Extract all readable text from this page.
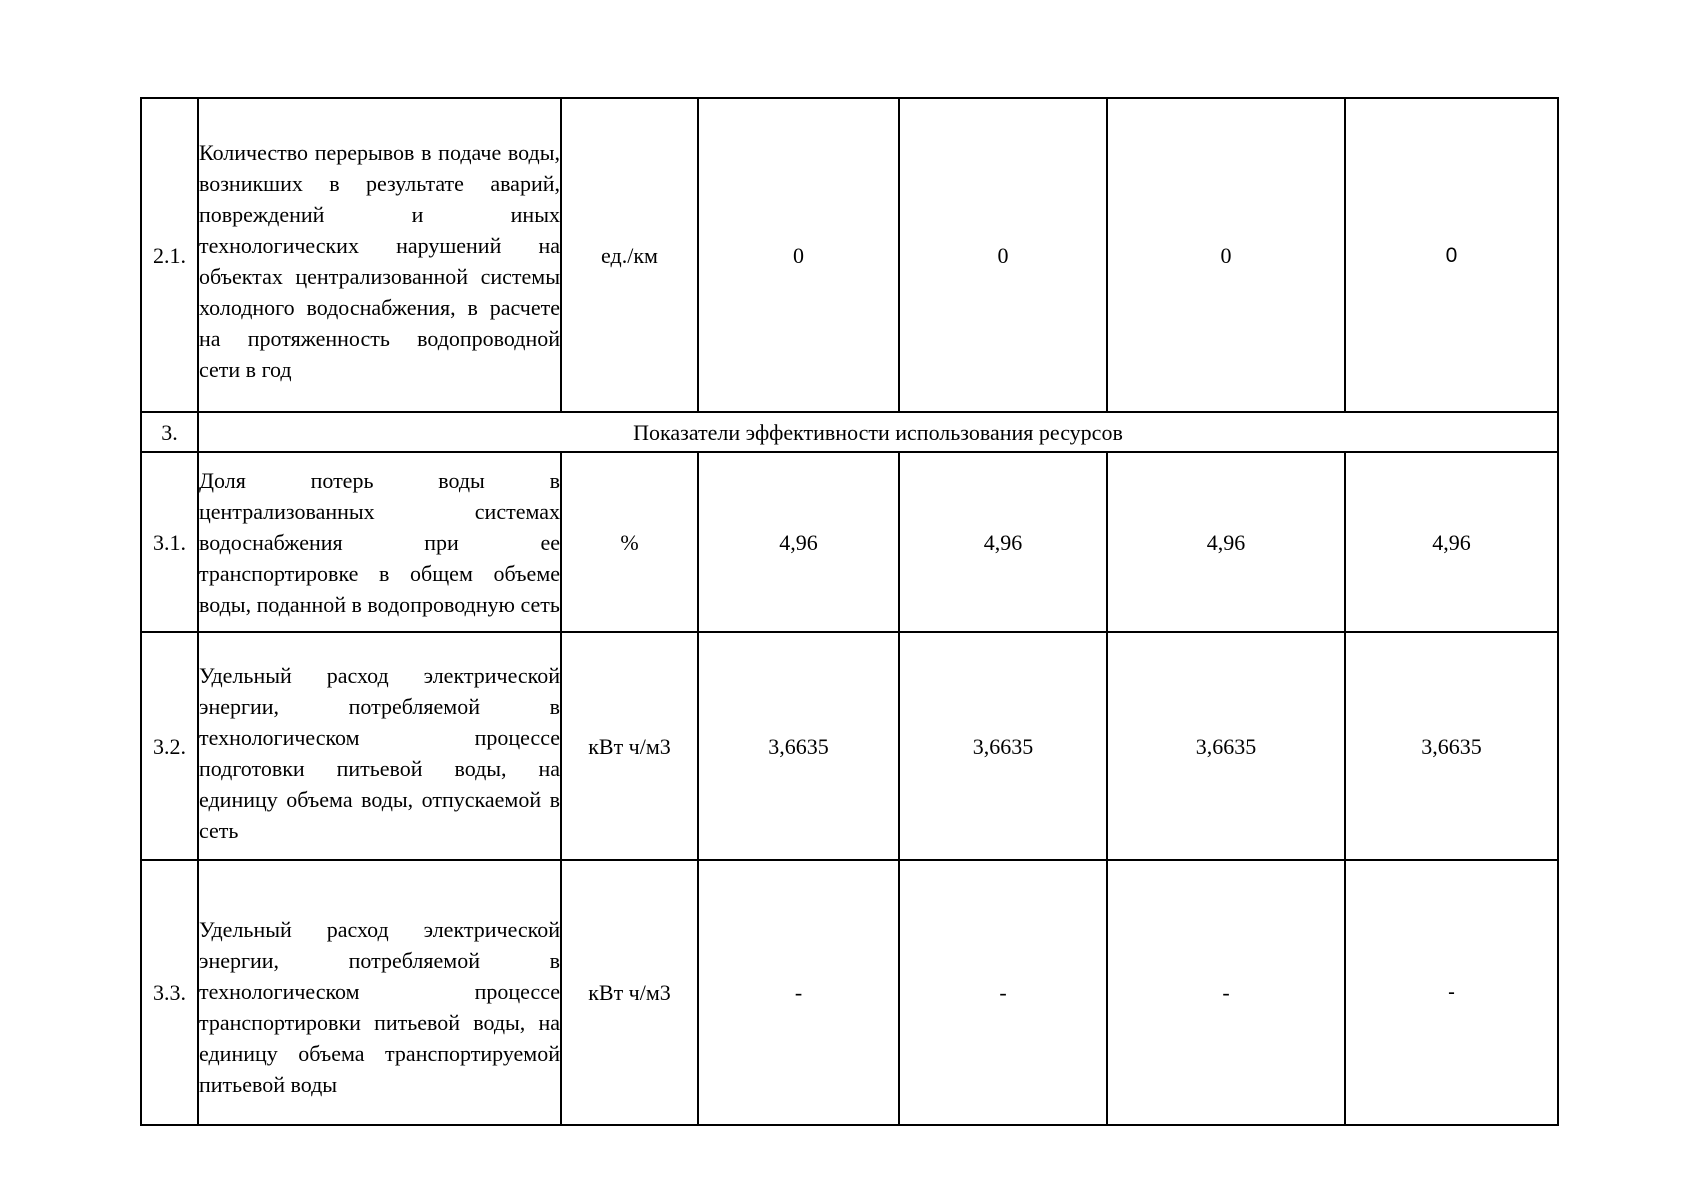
2.1.	Количество перерывов в подаче воды, возникших в результате аварий, повреждений и иных технологических нарушений на объектах централизованной системы холодного водоснабжения, в расчете на протяженность водопроводной сети в год	ед./км	0	0	0	0
3.	Показатели эффективности использования ресурсов					
3.1.	Доля потерь воды в централизованных системах водоснабжения при ее транспортировке в общем объеме воды, поданной в водопроводную сеть	%	4,96	4,96	4,96	4,96
3.2.	Удельный расход электрической энергии, потребляемой в технологическом процессе подготовки питьевой воды, на единицу объема воды, отпускаемой в сеть	кВт ч/м3	3,6635	3,6635	3,6635	3,6635
3.3.	Удельный расход электрической энергии, потребляемой в технологическом процессе транспортировки питьевой воды, на единицу объема транспортируемой питьевой воды	кВт ч/м3	-	-	-	-
